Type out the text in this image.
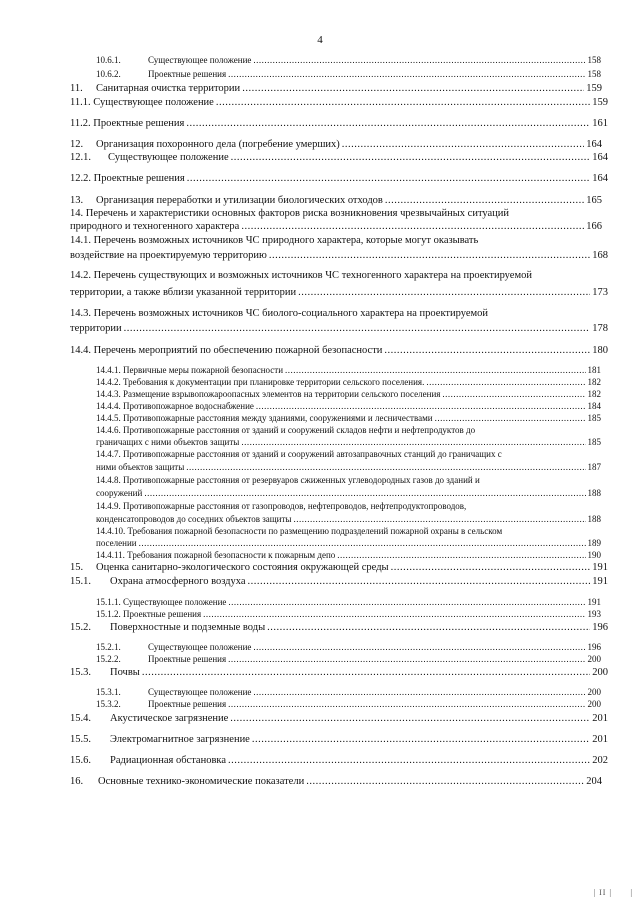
4
10.6.1.	Существующее положение .....	158
10.6.2.	Проектные решения .....	158
11.	Санитарная очистка территории .....	159
11.1. Существующее положение .....	159
11.2. Проектные решения .....	161
12.	Организация похоронного дела (погребение умерших) .....	164
12.1.	Существующее положение .....	164
12.2. Проектные решения .....	164
13.	Организация переработки и утилизации биологических отходов .....	165
14. Перечень и характеристики основных факторов риска возникновения чрезвычайных ситуаций
природного и техногенного характера .....	166
14.1. Перечень возможных источников ЧС природного характера, которые могут оказывать
воздействие на проектируемую территорию .....	168
14.2. Перечень существующих и возможных источников ЧС техногенного характера на проектируемой
территории, а также вблизи указанной территории .....	173
14.3. Перечень возможных источников ЧС биолого-социального характера на проектируемой
территории .....	178
14.4. Перечень мероприятий по обеспечению пожарной безопасности .....	180
14.4.1. Первичные меры пожарной безопасности .....	181
14.4.2. Требования к документации при планировке территории сельского поселения. .....	182
14.4.3. Размещение взрывопожароопасных элементов на территории сельского поселения .....	182
14.4.4. Противопожарное водоснабжение .....	184
14.4.5. Противопожарные расстояния между зданиями, сооружениями и лесничествами .....	185
14.4.6. Противопожарные расстояния от зданий и сооружений складов нефти и нефтепродуктов до
граничащих с ними объектов защиты .....	185
14.4.7. Противопожарные расстояния от зданий и сооружений автозаправочных станций до граничащих с
ними объектов защиты .....	187
14.4.8. Противопожарные расстояния от резервуаров сжиженных углеводородных газов до зданий и
сооружений .....	188
14.4.9. Противопожарные расстояния от газопроводов, нефтепроводов, нефтепродуктопроводов,
конденсатопроводов до соседних объектов защиты .....	188
14.4.10. Требования пожарной безопасности по размещению подразделений пожарной охраны в сельском
поселении .....	189
14.4.11. Требования пожарной безопасности к пожарным депо .....	190
15.	Оценка санитарно-экологического состояния окружающей среды .....	191
15.1.	Охрана атмосферного воздуха .....	191
15.1.1. Существующее положение .....	191
15.1.2. Проектные решения .....	193
15.2.	Поверхностные и подземные воды .....	196
15.2.1.	Существующее положение .....	196
15.2.2.	Проектные решения .....	200
15.3.	Почвы .....	200
15.3.1.	Существующее положение .....	200
15.3.2.	Проектные решения .....	200
15.4.	Акустическое загрязнение .....	201
15.5.	Электромагнитное загрязнение .....	201
15.6.	Радиационная обстановка .....	202
16.	Основные технико-экономические показатели .....	204
| II | |
